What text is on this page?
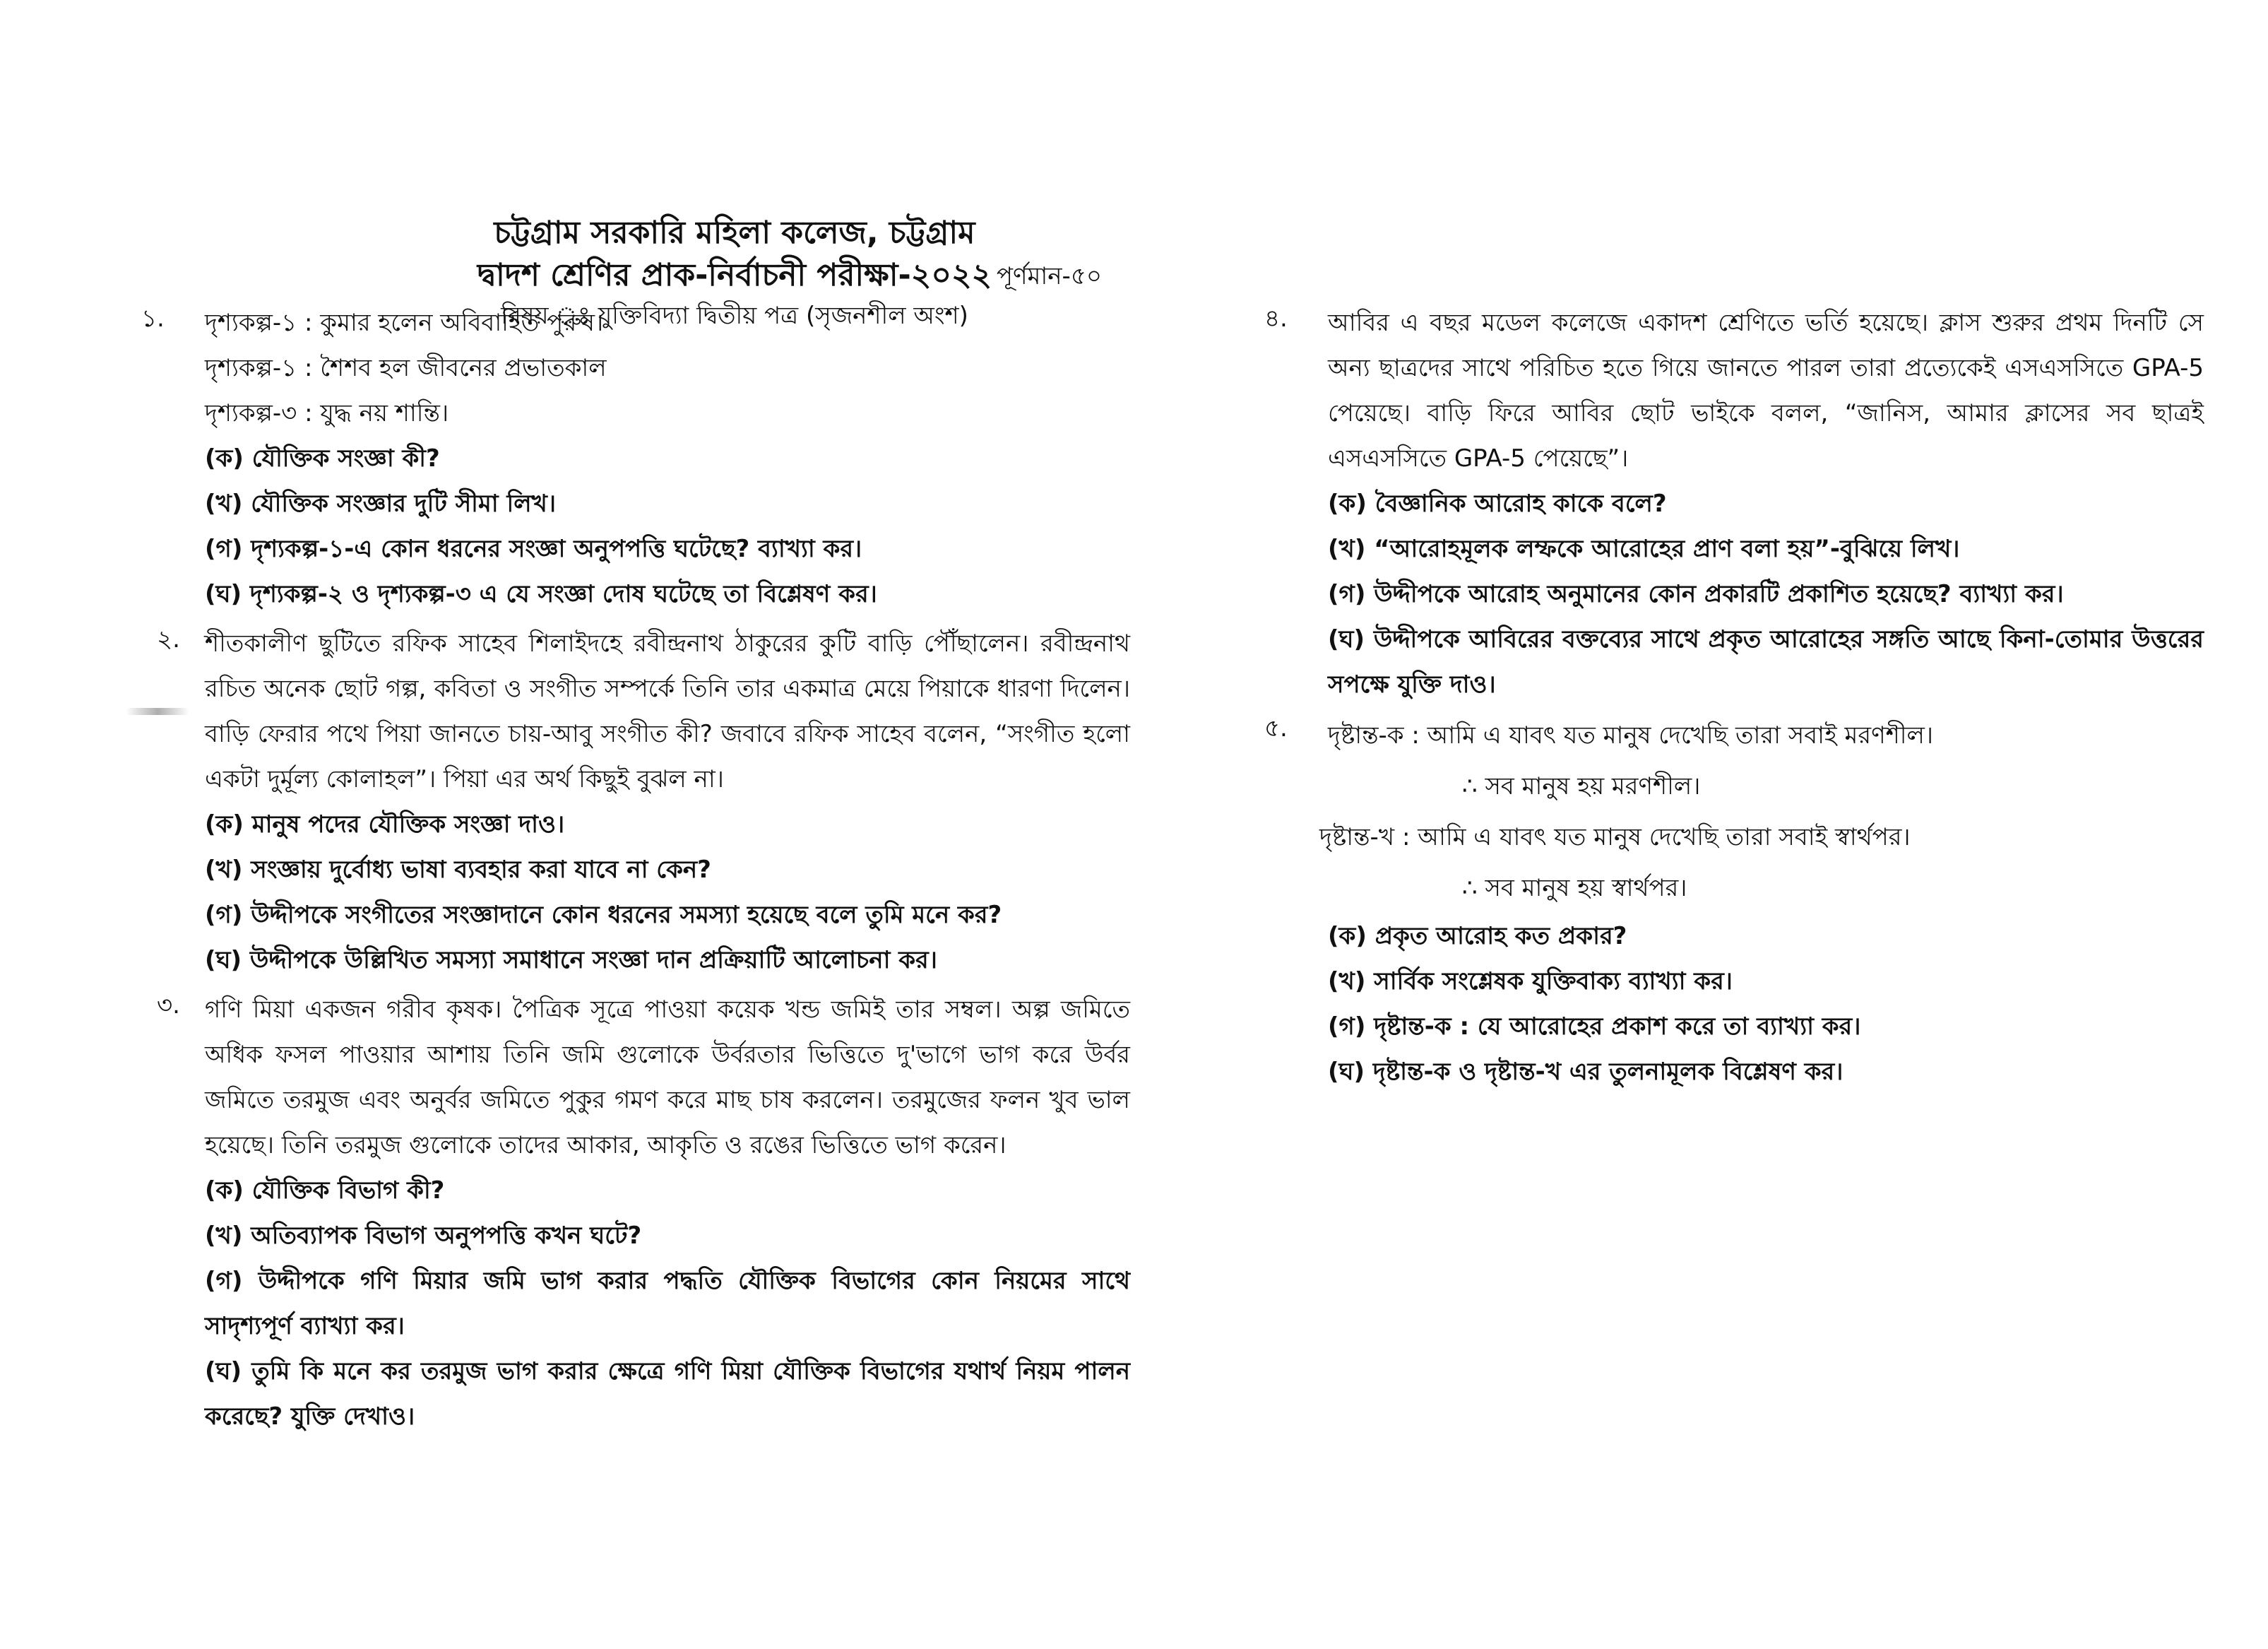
চট্টগ্রাম সরকারি মহিলা কলেজ, চট্টগ্রাম
দ্বাদশ শ্রেণির প্রাক-নির্বাচনী পরীক্ষা-২০২২
বিষয় ঃ যুক্তিবিদ্যা দ্বিতীয় পত্র (সৃজনশীল অংশ)
পূর্ণমান-৫০
১.	দৃশ্যকল্প-১ : কুমার হলেন অবিবাহিত পুরুষ।
দৃশ্যকল্প-১ : শৈশব হল জীবনের প্রভাতকাল
দৃশ্যকল্প-৩ : যুদ্ধ নয় শান্তি।
(ক) যৌক্তিক সংজ্ঞা কী?
(খ) যৌক্তিক সংজ্ঞার দুটি সীমা লিখ।
(গ) দৃশ্যকল্প-১-এ কোন ধরনের সংজ্ঞা অনুপপত্তি ঘটেছে? ব্যাখ্যা কর।
(ঘ) দৃশ্যকল্প-২ ও দৃশ্যকল্প-৩ এ যে সংজ্ঞা দোষ ঘটেছে তা বিশ্লেষণ কর।
২.	শীতকালীণ ছুটিতে রফিক সাহেব শিলাইদহে রবীন্দ্রনাথ ঠাকুরের কুটি বাড়ি পৌঁছালেন। রবীন্দ্রনাথ রচিত অনেক ছোট গল্প, কবিতা ও সংগীত সম্পর্কে তিনি তার একমাত্র মেয়ে পিয়াকে ধারণা দিলেন। বাড়ি ফেরার পথে পিয়া জানতে চায়-আবু সংগীত কী? জবাবে রফিক সাহেব বলেন, “সংগীত হলো একটা দুর্মূল্য কোলাহল”। পিয়া এর অর্থ কিছুই বুঝল না।
(ক) মানুষ পদের যৌক্তিক সংজ্ঞা দাও।
(খ) সংজ্ঞায় দুর্বোধ্য ভাষা ব্যবহার করা যাবে না কেন?
(গ) উদ্দীপকে সংগীতের সংজ্ঞাদানে কোন ধরনের সমস্যা হয়েছে বলে তুমি মনে কর?
(ঘ) উদ্দীপকে উল্লিখিত সমস্যা সমাধানে সংজ্ঞা দান প্রক্রিয়াটি আলোচনা কর।
৩.	গণি মিয়া একজন গরীব কৃষক। পৈত্রিক সূত্রে পাওয়া কয়েক খন্ড জমিই তার সম্বল। অল্প জমিতে অধিক ফসল পাওয়ার আশায় তিনি জমি গুলোকে উর্বরতার ভিত্তিতে দু'ভাগে ভাগ করে উর্বর জমিতে তরমুজ এবং অনুর্বর জমিতে পুকুর গমণ করে মাছ চাষ করলেন। তরমুজের ফলন খুব ভাল হয়েছে। তিনি তরমুজ গুলোকে তাদের আকার, আকৃতি ও রঙের ভিত্তিতে ভাগ করেন।
(ক) যৌক্তিক বিভাগ কী?
(খ) অতিব্যাপক বিভাগ অনুপপত্তি কখন ঘটে?
(গ) উদ্দীপকে গণি মিয়ার জমি ভাগ করার পদ্ধতি যৌক্তিক বিভাগের কোন নিয়মের সাথে সাদৃশ্যপূর্ণ ব্যাখ্যা কর।
(ঘ) তুমি কি মনে কর তরমুজ ভাগ করার ক্ষেত্রে গণি মিয়া যৌক্তিক বিভাগের যথার্থ নিয়ম পালন করেছে? যুক্তি দেখাও।
৪.	আবির এ বছর মডেল কলেজে একাদশ শ্রেণিতে ভর্তি হয়েছে। ক্লাস শুরুর প্রথম দিনটি সে অন্য ছাত্রদের সাথে পরিচিত হতে গিয়ে জানতে পারল তারা প্রত্যেকেই এসএসসিতে GPA-5 পেয়েছে। বাড়ি ফিরে আবির ছোট ভাইকে বলল, “জানিস, আমার ক্লাসের সব ছাত্রই এসএসসিতে GPA-5 পেয়েছে”।
(ক) বৈজ্ঞানিক আরোহ কাকে বলে?
(খ) “আরোহমূলক লম্ফকে আরোহের প্রাণ বলা হয়”-বুঝিয়ে লিখ।
(গ) উদ্দীপকে আরোহ অনুমানের কোন প্রকারটি প্রকাশিত হয়েছে? ব্যাখ্যা কর।
(ঘ) উদ্দীপকে আবিরের বক্তব্যের সাথে প্রকৃত আরোহের সঙ্গতি আছে কিনা-তোমার উত্তরের সপক্ষে যুক্তি দাও।
৫.	দৃষ্টান্ত-ক : আমি এ যাবৎ যত মানুষ দেখেছি তারা সবাই মরণশীল।
∴ সব মানুষ হয় মরণশীল।
দৃষ্টান্ত-খ : আমি এ যাবৎ যত মানুষ দেখেছি তারা সবাই স্বার্থপর।
∴ সব মানুষ হয় স্বার্থপর।
(ক) প্রকৃত আরোহ কত প্রকার?
(খ) সার্বিক সংশ্লেষক যুক্তিবাক্য ব্যাখ্যা কর।
(গ) দৃষ্টান্ত-ক : যে আরোহের প্রকাশ করে তা ব্যাখ্যা কর।
(ঘ) দৃষ্টান্ত-ক ও দৃষ্টান্ত-খ এর তুলনামূলক বিশ্লেষণ কর।
